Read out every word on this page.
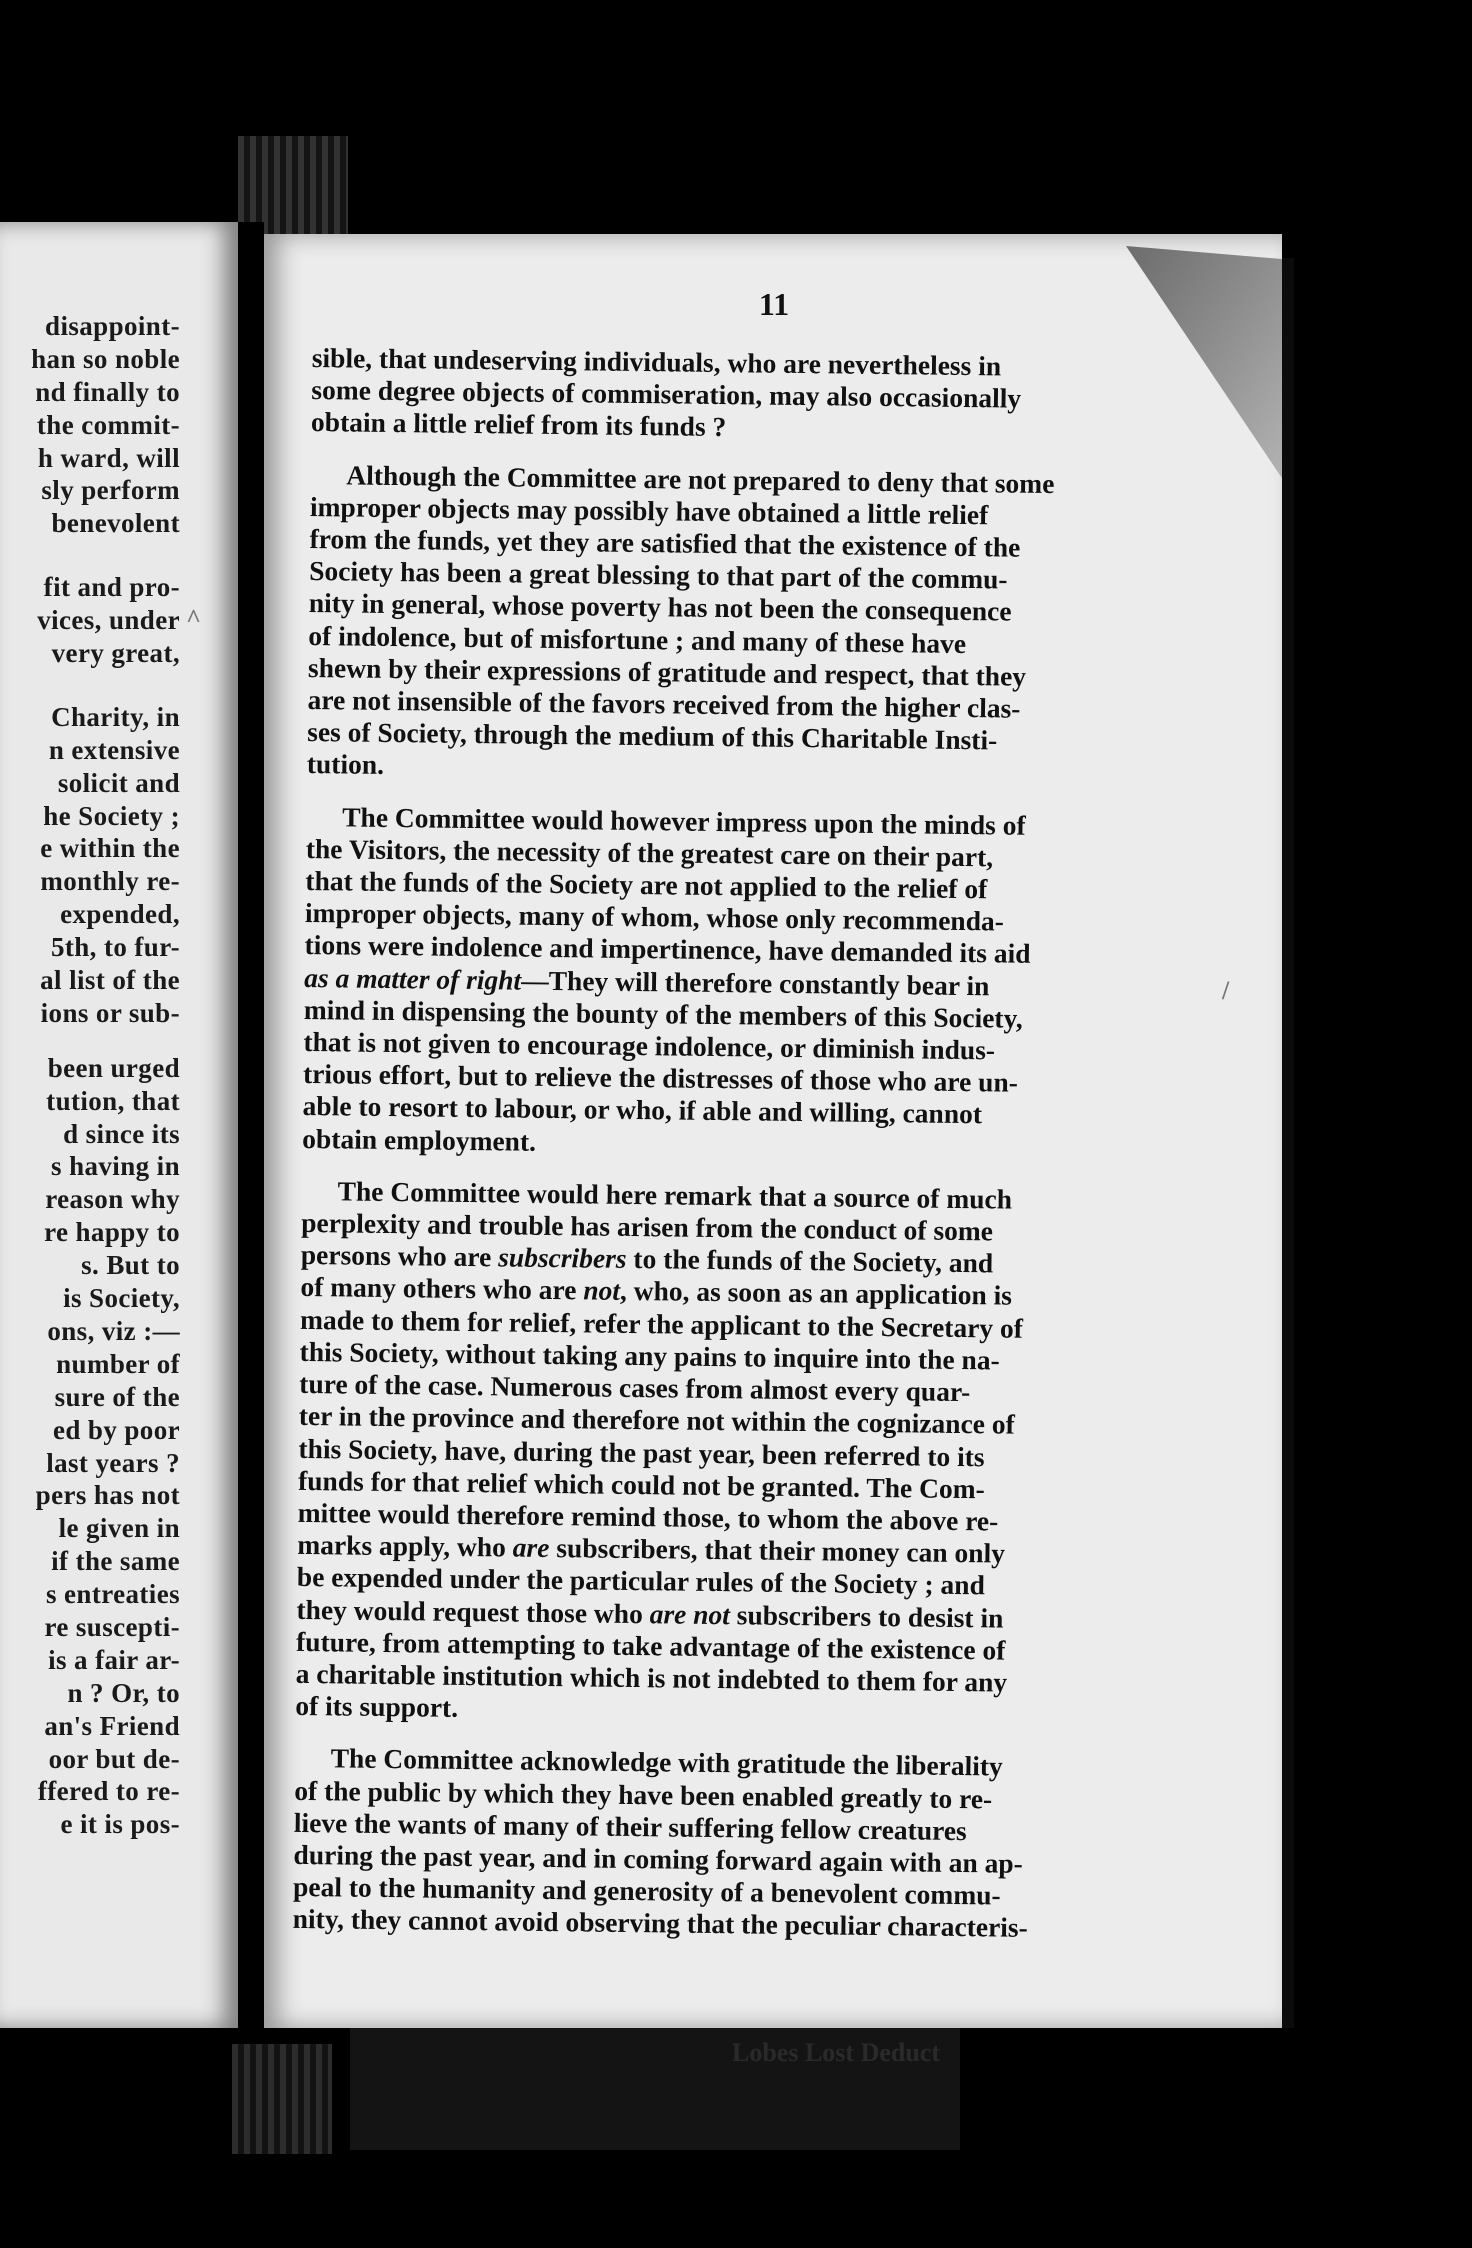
Lobes Lost Deduct
disappoint-
han so noble
nd finally to
the commit-
h ward, will
sly perform
benevolent
fit and pro-
vices, under
very great,
Charity, in
n extensive
solicit and
he Society ;
e within the
monthly re-
expended,
5th, to fur-
al list of the
ions or sub-
been urged
tution, that
d since its
s having in
reason why
re happy to
s. But to
is Society,
ons, viz :—
number of
sure of the
ed by poor
last years ?
pers has not
le given in
if the same
s entreaties
re suscepti-
is a fair ar-
n ? Or, to
an's Friend
oor but de-
ffered to re-
e it is pos-
11

sible, that undeserving individuals, who are nevertheless in
some degree objects of commiseration, may also occasionally
obtain a little relief from its funds ?

Although the Committee are not prepared to deny that some
improper objects may possibly have obtained a little relief
from the funds, yet they are satisfied that the existence of the
Society has been a great blessing to that part of the commu-
nity in general, whose poverty has not been the consequence
of indolence, but of misfortune ; and many of these have
shewn by their expressions of gratitude and respect, that they
are not insensible of the favors received from the higher clas-
ses of Society, through the medium of this Charitable Insti-
tution.

The Committee would however impress upon the minds of
the Visitors, the necessity of the greatest care on their part,
that the funds of the Society are not applied to the relief of
improper objects, many of whom, whose only recommenda-
tions were indolence and impertinence, have demanded its aid
as a matter of right—They will therefore constantly bear in
mind in dispensing the bounty of the members of this Society,
that is not given to encourage indolence, or diminish indus-
trious effort, but to relieve the distresses of those who are un-
able to resort to labour, or who, if able and willing, cannot
obtain employment.

The Committee would here remark that a source of much
perplexity and trouble has arisen from the conduct of some
persons who are subscribers to the funds of the Society, and
of many others who are not, who, as soon as an application is
made to them for relief, refer the applicant to the Secretary of
this Society, without taking any pains to inquire into the na-
ture of the case. Numerous cases from almost every quar-
ter in the province and therefore not within the cognizance of
this Society, have, during the past year, been referred to its
funds for that relief which could not be granted. The Com-
mittee would therefore remind those, to whom the above re-
marks apply, who are subscribers, that their money can only
be expended under the particular rules of the Society ; and
they would request those who are not subscribers to desist in
future, from attempting to take advantage of the existence of
a charitable institution which is not indebted to them for any
of its support.

The Committee acknowledge with gratitude the liberality
of the public by which they have been enabled greatly to re-
lieve the wants of many of their suffering fellow creatures
during the past year, and in coming forward again with an ap-
peal to the humanity and generosity of a benevolent commu-
nity, they cannot avoid observing that the peculiar characteris-

^
/
